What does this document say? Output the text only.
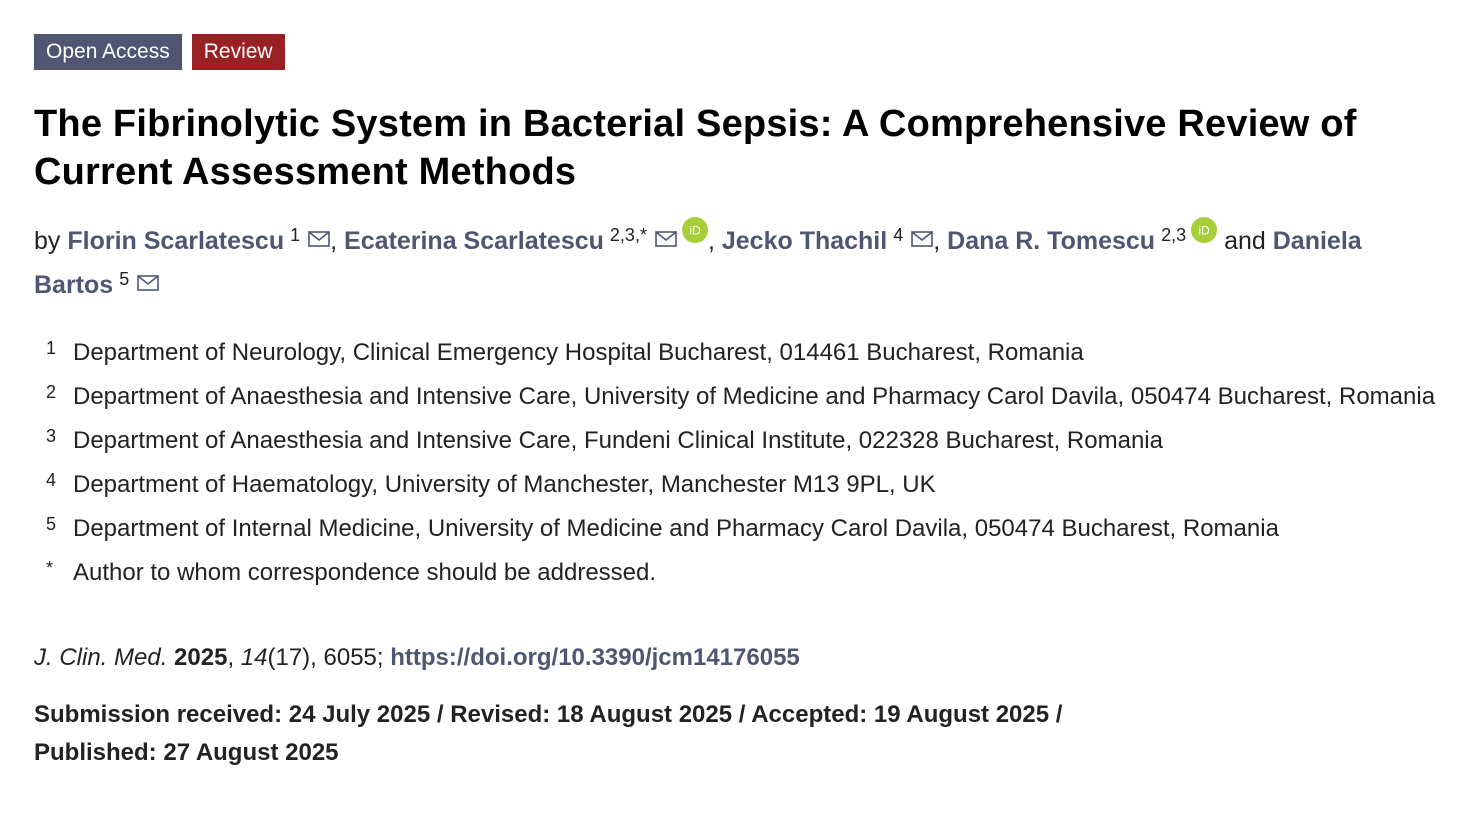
Open Access	Review
The Fibrinolytic System in Bacterial Sepsis: A Comprehensive Review of Current Assessment Methods
by Florin Scarlatescu $^1$ , Ecaterina Scarlatescu $^{2,3,*}$	iD , Jecko Thachil $^4$ , Dana R. Tomescu $^{2,3}$ iD and Daniela Bartos $^5$
1 Department of Neurology, Clinical Emergency Hospital Bucharest, 014461 Bucharest, Romania
2 Department of Anaesthesia and Intensive Care, University of Medicine and Pharmacy Carol Davila, 050474 Bucharest, Romania
3 Department of Anaesthesia and Intensive Care, Fundeni Clinical Institute, 022328 Bucharest, Romania
4 Department of Haematology, University of Manchester, Manchester M13 9PL, UK
5 Department of Internal Medicine, University of Medicine and Pharmacy Carol Davila, 050474 Bucharest, Romania
* Author to whom correspondence should be addressed.
J. Clin. Med. 2025, 14(17), 6055; https://doi.org/10.3390/jcm14176055
Submission received: 24 July 2025 / Revised: 18 August 2025 / Accepted: 19 August 2025 /
Published: 27 August 2025
